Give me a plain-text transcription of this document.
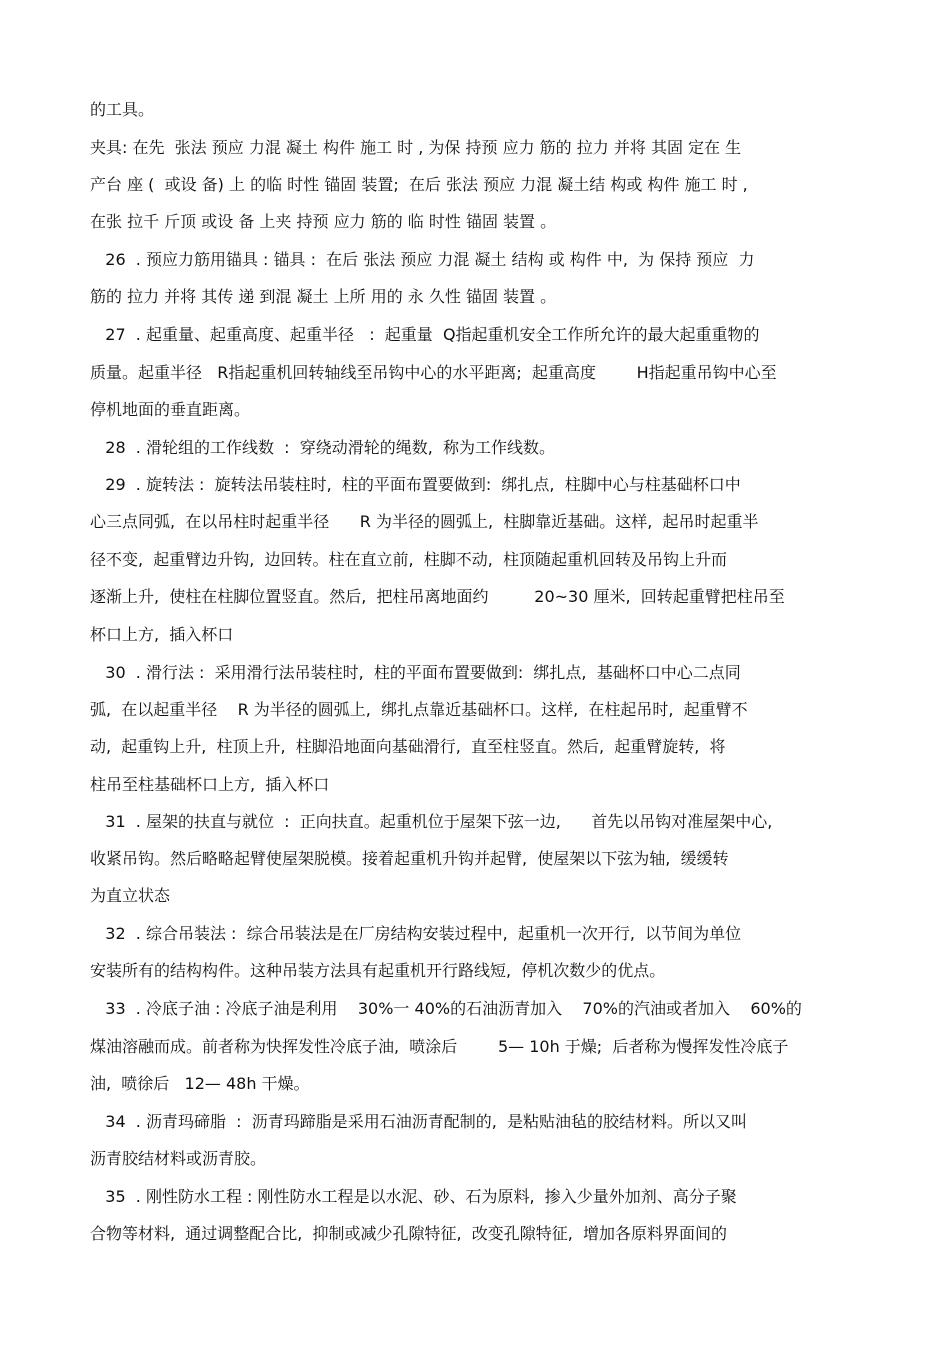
的工具。
夹具: 在先  张法 预应 力混 凝土 构件 施工 时 , 为保 持预 应力 筋的 拉力 并将 其固 定在 生
产台 座 (  或设 备) 上 的临 时性 锚固 装置;  在后 张法 预应 力混 凝土结 构或 构件 施工 时 ,
在张 拉千 斤顶 或设 备 上夹 持预 应力 筋的 临 时性 锚固 装置 。
26  . 预应力筋用锚具 : 锚具 :  在后 张法 预应 力混 凝土 结构 或 构件 中,  为 保持 预应  力
筋的 拉力 并将 其传 递 到混 凝土 上所 用的 永 久性 锚固 装置 。
27  . 起重量、起重高度、起重半径   :  起重量  Q指起重机安全工作所允许的最大起重重物的
质量。起重半径   R指起重机回转轴线至吊钩中心的水平距离;  起重高度        H指起重吊钩中心至
停机地面的垂直距离。
28  . 滑轮组的工作线数  :  穿绕动滑轮的绳数,  称为工作线数。
29  . 旋转法 :  旋转法吊装柱时,  柱的平面布置要做到:  绑扎点,  柱脚中心与柱基础杯口中
心三点同弧,  在以吊柱时起重半径      R 为半径的圆弧上,  柱脚靠近基础。这样,  起吊时起重半
径不变,  起重臂边升钩,  边回转。柱在直立前,  柱脚不动,  柱顶随起重机回转及吊钩上升而
逐渐上升,  使柱在柱脚位置竖直。然后,  把柱吊离地面约         20~30 厘米,  回转起重臂把柱吊至
杯口上方,  插入杯口
30  . 滑行法 :  采用滑行法吊装柱时,  柱的平面布置要做到:  绑扎点,  基础杯口中心二点同
弧,  在以起重半径    R 为半径的圆弧上,  绑扎点靠近基础杯口。这样,  在柱起吊时,  起重臂不
动,  起重钩上升,  柱顶上升,  柱脚沿地面向基础滑行,  直至柱竖直。然后,  起重臂旋转,  将
柱吊至柱基础杯口上方,  插入杯口
31  . 屋架的扶直与就位  :  正向扶直。起重机位于屋架下弦一边,      首先以吊钩对准屋架中心,
收紧吊钩。然后略略起臂使屋架脱模。接着起重机升钩并起臂,  使屋架以下弦为轴,  缓缓转
为直立状态
32  . 综合吊装法 :  综合吊装法是在厂房结构安装过程中,  起重机一次开行,  以节间为单位
安装所有的结构构件。这种吊装方法具有起重机开行路线短,  停机次数少的优点。
33  . 冷底子油 : 冷底子油是利用    30%一 40%的石油沥青加入    70%的汽油或者加入    60%的
煤油溶融而成。前者称为快挥发性冷底子油,  喷涂后        5— 10h 于燥;  后者称为慢挥发性冷底子
油,  喷徐后   12— 48h 干燥。
34  . 沥青玛碲脂  :  沥青玛蹄脂是采用石油沥青配制的,  是粘贴油毡的胶结材料。所以又叫
沥青胶结材料或沥青胶。
35  . 刚性防水工程 : 刚性防水工程是以水泥、砂、石为原料,  掺入少量外加剂、高分子聚
合物等材料,  通过调整配合比,  抑制或减少孔隙特征,  改变孔隙特征,  增加各原料界面间的
